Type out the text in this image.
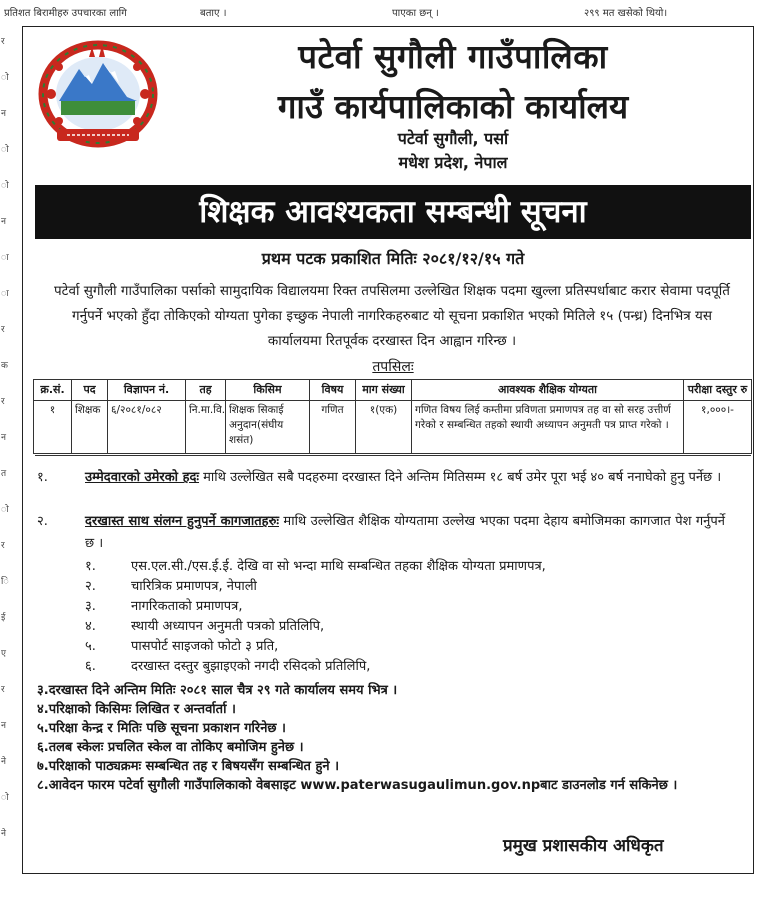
प्रतिशत बिरामीहरु उपचारका लागि	बताए ।	पाएका छन् ।	२९९ मत खसेको थियो।
र
ो
न
ो
ो
न
ा
ा
र
क
र
न
त
ो
र
ि
ई
ए
र
न
ने
ो
ने
पटेर्वा सुगौली गाउँपालिका
गाउँ कार्यपालिकाको कार्यालय
पटेर्वा सुगौली, पर्सा
मधेश प्रदेश, नेपाल
शिक्षक आवश्यकता सम्बन्धी सूचना
प्रथम पटक प्रकाशित मितिः २०८१/१२/१५ गते
पटेर्वा सुगौली गाउँपालिका पर्साको सामुदायिक विद्यालयमा रिक्त तपसिलमा उल्लेखित शिक्षक पदमा खुल्ला प्रतिस्पर्धाबाट करार सेवामा पदपूर्ति गर्नुपर्ने भएको हुँदा तोकिएको योग्यता पुगेका इच्छुक नेपाली नागरिकहरुबाट यो सूचना प्रकाशित भएको मितिले १५ (पन्ध्र) दिनभित्र यस कार्यालयमा रितपूर्वक दरखास्त दिन आह्वान गरिन्छ ।
तपसिलः
क्र.सं.	पद	विज्ञापन नं.	तह	किसिम	विषय	माग संख्या	आवश्यक शैक्षिक योग्यता	परीक्षा दस्तुर रु
१	शिक्षक	६/२०८१/०८२	नि.मा.वि.	शिक्षक सिकाई अनुदान(संघीय शसंत)	गणित	१(एक)	गणित विषय लिई कम्तीमा प्रविणता प्रमाणपत्र तह वा सो सरह उत्तीर्ण गरेको र सम्बन्धित तहको स्थायी अध्यापन अनुमती पत्र प्राप्त गरेको ।	१,०००।-
१.	उम्मेदवारको उमेरको हदः माथि उल्लेखित सबै पदहरुमा दरखास्त दिने अन्तिम मितिसम्म १८ बर्ष उमेर पूरा भई ४० बर्ष ननाघेको हुनु पर्नेछ ।
२.	दरखास्त साथ संलग्न हुनुपर्ने कागजातहरुः माथि उल्लेखित शैक्षिक योग्यतामा उल्लेख भएका पदमा देहाय बमोजिमका कागजात पेश गर्नुपर्ने छ ।
१.	एस.एल.सी./एस.ई.ई. देखि वा सो भन्दा माथि सम्बन्धित तहका शैक्षिक योग्यता प्रमाणपत्र,
२.	चारित्रिक प्रमाणपत्र, नेपाली
३.	नागरिकताको प्रमाणपत्र,
४.	स्थायी अध्यापन अनुमती पत्रको प्रतिलिपि,
५.	पासपोर्ट साइजको फोटो ३ प्रति,
६.	दरखास्त दस्तुर बुझाइएको नगदी रसिदको प्रतिलिपि,
३.दरखास्त दिने अन्तिम मितिः २०८१ साल चैत्र २९ गते कार्यालय समय भित्र ।
४.परिक्षाको किसिमः लिखित र अन्तर्वार्ता ।
५.परिक्षा केन्द्र र मितिः पछि सूचना प्रकाशन गरिनेछ ।
६.तलब स्केलः प्रचलित स्केल वा तोकिए बमोजिम हुनेछ ।
७.परिक्षाको पाठ्यक्रमः सम्बन्धित तह र बिषयसँग सम्बन्धित हुने ।
८.आवेदन फारम पटेर्वा सुगौली गाउँपालिकाको वेबसाइट www.paterwasugaulimun.gov.npबाट डाउनलोड गर्न सकिनेछ ।
प्रमुख प्रशासकीय अधिकृत
